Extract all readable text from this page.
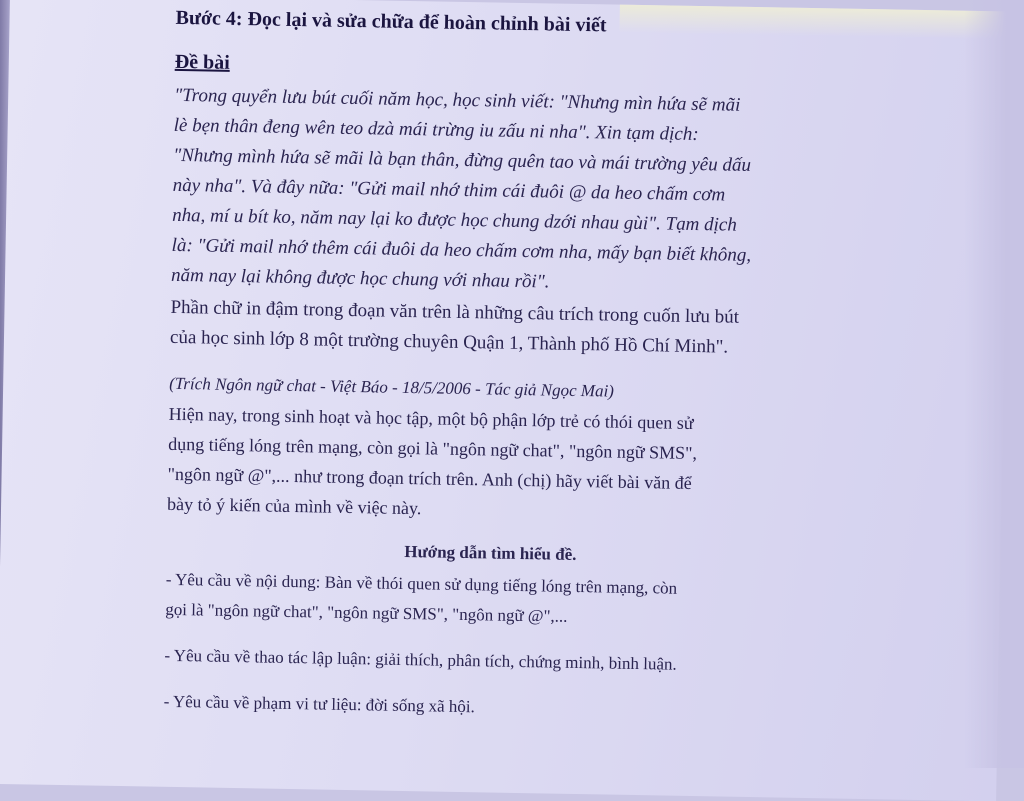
Bước 4: Đọc lại và sửa chữa để hoàn chỉnh bài viết
Đề bài
"Trong quyển lưu bút cuối năm học, học sinh viết: "Nhưng mìn hứa sẽ mãi
lè bẹn thân đeng wên teo dzà mái trừng iu zấu ni nha". Xin tạm dịch:
"Nhưng mình hứa sẽ mãi là bạn thân, đừng quên tao và mái trường yêu dấu
này nha". Và đây nữa: "Gửi mail nhớ thim cái đuôi @ da heo chấm cơm
nha, mí u bít ko, năm nay lại ko được học chung dzới nhau gùi". Tạm dịch
là: "Gửi mail nhớ thêm cái đuôi da heo chấm cơm nha, mấy bạn biết không,
năm nay lại không được học chung với nhau rồi".
Phần chữ in đậm trong đoạn văn trên là những câu trích trong cuốn lưu bút
của học sinh lớp 8 một trường chuyên Quận 1, Thành phố Hồ Chí Minh".
(Trích Ngôn ngữ chat - Việt Báo - 18/5/2006 - Tác giả Ngọc Mai)
Hiện nay, trong sinh hoạt và học tập, một bộ phận lớp trẻ có thói quen sử
dụng tiếng lóng trên mạng, còn gọi là "ngôn ngữ chat", "ngôn ngữ SMS",
"ngôn ngữ @",... như trong đoạn trích trên. Anh (chị) hãy viết bài văn để
bày tỏ ý kiến của mình về việc này.
Hướng dẫn tìm hiểu đề.
- Yêu cầu về nội dung: Bàn về thói quen sử dụng tiếng lóng trên mạng, còn
gọi là "ngôn ngữ chat", "ngôn ngữ SMS", "ngôn ngữ @",...
- Yêu cầu về thao tác lập luận: giải thích, phân tích, chứng minh, bình luận.
- Yêu cầu về phạm vi tư liệu: đời sống xã hội.
